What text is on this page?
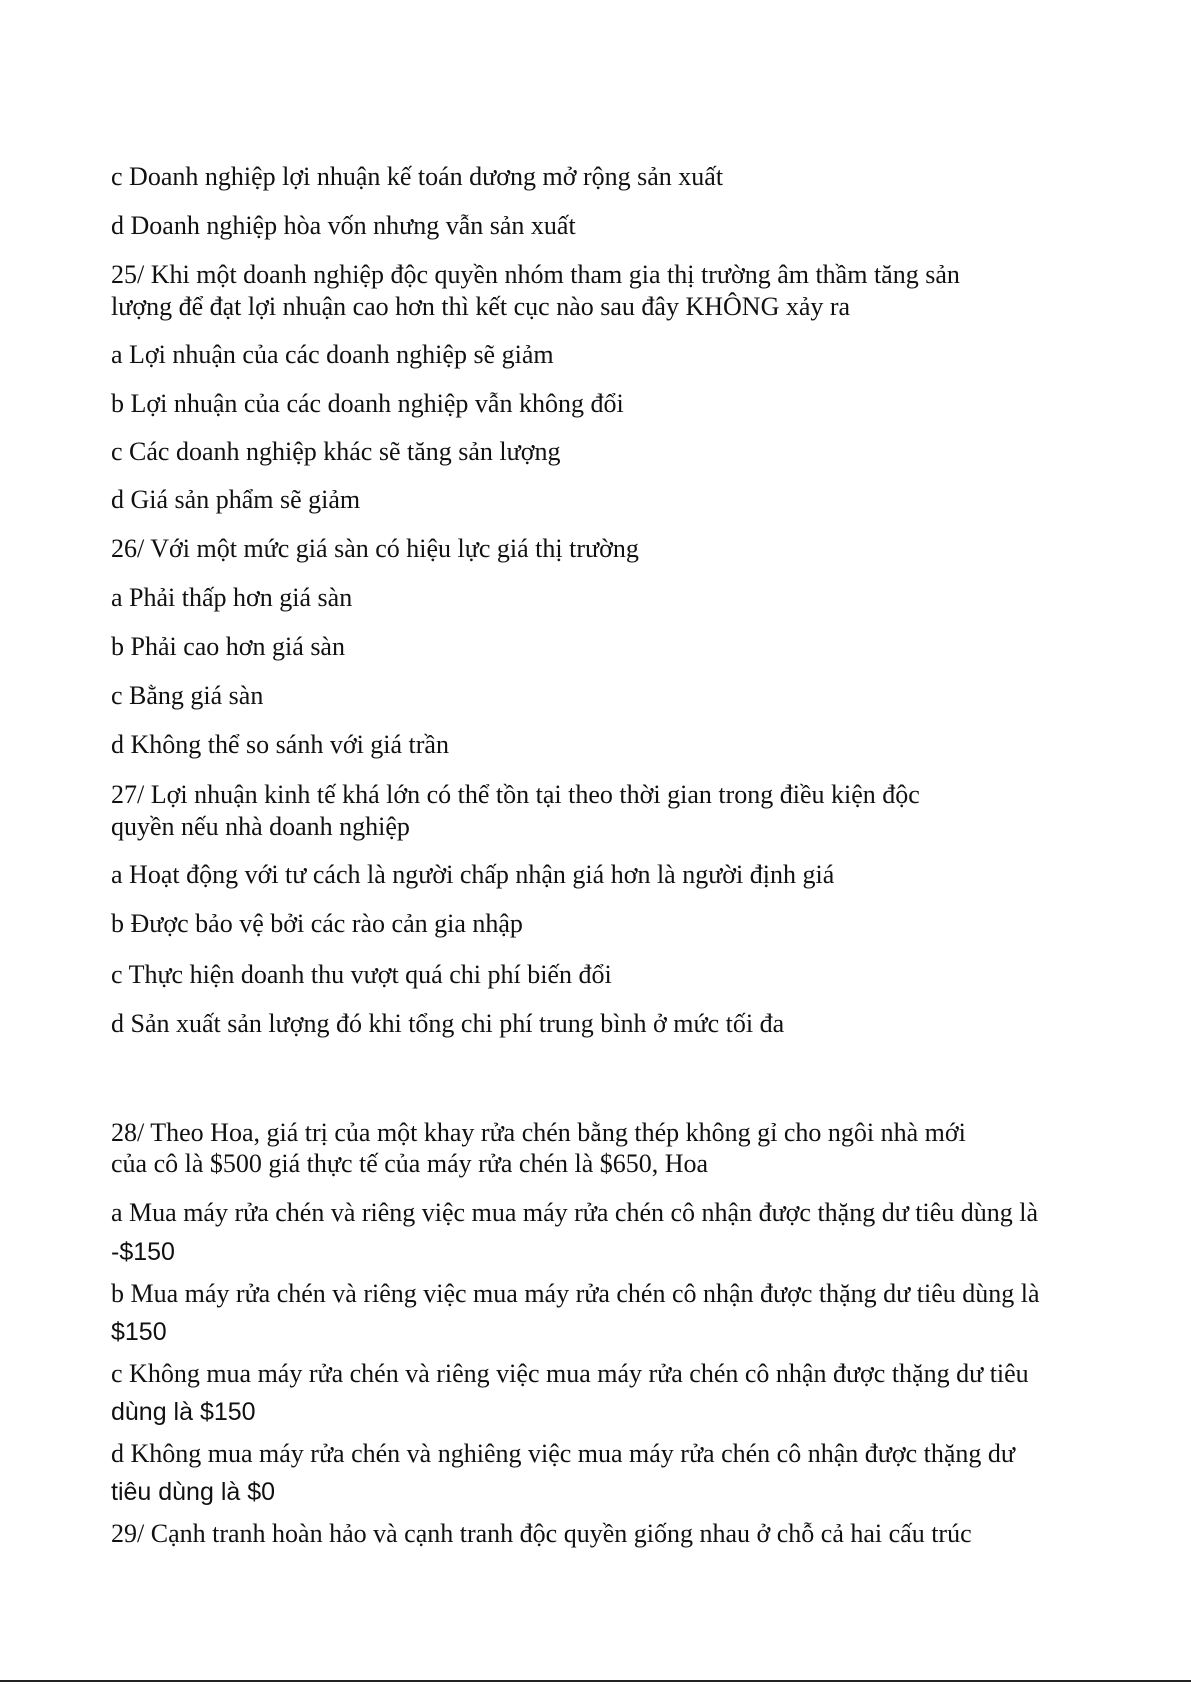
c Doanh nghiệp lợi nhuận kế toán dương mở rộng sản xuất
d Doanh nghiệp hòa vốn nhưng vẫn sản xuất
25/ Khi một doanh nghiệp độc quyền nhóm tham gia thị trường âm thầm tăng sản
lượng để đạt lợi nhuận cao hơn thì kết cục nào sau đây KHÔNG xảy ra
a Lợi nhuận của các doanh nghiệp sẽ giảm
b Lợi nhuận của các doanh nghiệp vẫn không đổi
c Các doanh nghiệp khác sẽ tăng sản lượng
d Giá sản phẩm sẽ giảm
26/ Với một mức giá sàn có hiệu lực giá thị trường
a Phải thấp hơn giá sàn
b Phải cao hơn giá sàn
c Bằng giá sàn
d Không thể so sánh với giá trần
27/ Lợi nhuận kinh tế khá lớn có thể tồn tại theo thời gian trong điều kiện độc
quyền nếu nhà doanh nghiệp
a Hoạt động với tư cách là người chấp nhận giá hơn là người định giá
b Được bảo vệ bởi các rào cản gia nhập
c Thực hiện doanh thu vượt quá chi phí biến đổi
d Sản xuất sản lượng đó khi tổng chi phí trung bình ở mức tối đa
28/ Theo Hoa, giá trị của một khay rửa chén bằng thép không gỉ cho ngôi nhà mới
của cô là $500 giá thực tế của máy rửa chén là $650, Hoa
a Mua máy rửa chén và riêng việc mua máy rửa chén cô nhận được thặng dư tiêu dùng là
-$150
b Mua máy rửa chén và riêng việc mua máy rửa chén cô nhận được thặng dư tiêu dùng là
$150
c Không mua máy rửa chén và riêng việc mua máy rửa chén cô nhận được thặng dư tiêu
dùng là $150
d Không mua máy rửa chén và nghiêng việc mua máy rửa chén cô nhận được thặng dư
tiêu dùng là $0
29/ Cạnh tranh hoàn hảo và cạnh tranh độc quyền giống nhau ở chỗ cả hai cấu trúc
